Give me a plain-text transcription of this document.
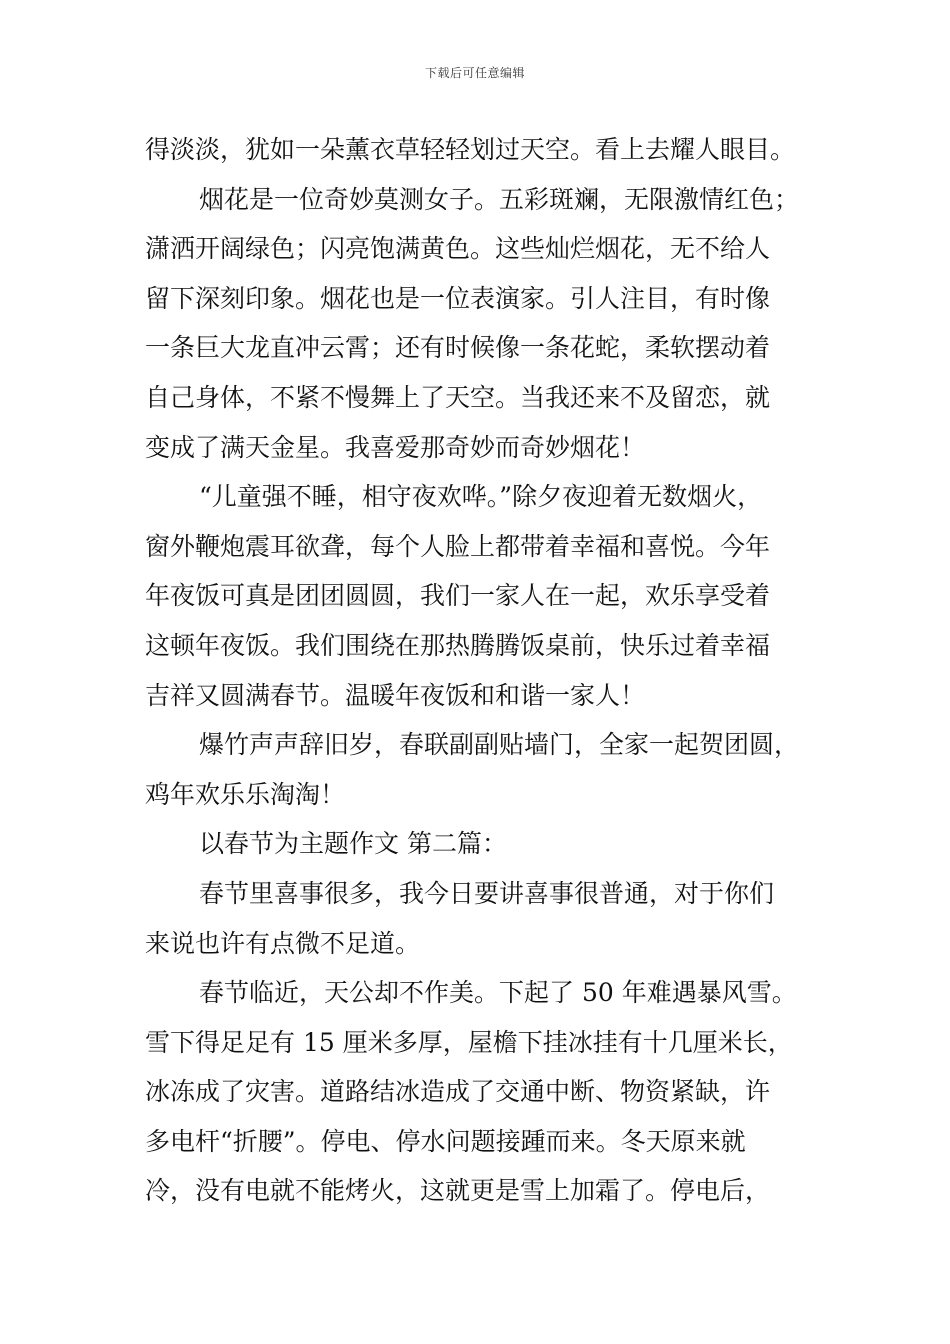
下载后可任意编辑
得淡淡，犹如一朵薰衣草轻轻划过天空。看上去耀人眼目。
烟花是一位奇妙莫测女子。五彩斑斓，无限激情红色；
潇洒开阔绿色；闪亮饱满黄色。这些灿烂烟花，无不给人
留下深刻印象。烟花也是一位表演家。引人注目，有时像
一条巨大龙直冲云霄；还有时候像一条花蛇，柔软摆动着
自己身体，不紧不慢舞上了天空。当我还来不及留恋，就
变成了满天金星。我喜爱那奇妙而奇妙烟花！
“儿童强不睡，相守夜欢哗。”除夕夜迎着无数烟火，
窗外鞭炮震耳欲聋，每个人脸上都带着幸福和喜悦。今年
年夜饭可真是团团圆圆，我们一家人在一起，欢乐享受着
这顿年夜饭。我们围绕在那热腾腾饭桌前，快乐过着幸福
吉祥又圆满春节。温暖年夜饭和和谐一家人！
爆竹声声辞旧岁，春联副副贴墙门，全家一起贺团圆，
鸡年欢乐乐淘淘！
以春节为主题作文 第二篇：
春节里喜事很多，我今日要讲喜事很普通，对于你们
来说也许有点微不足道。
春节临近，天公却不作美。下起了 50 年难遇暴风雪。
雪下得足足有 15 厘米多厚，屋檐下挂冰挂有十几厘米长，
冰冻成了灾害。道路结冰造成了交通中断、物资紧缺，许
多电杆“折腰”。停电、停水问题接踵而来。冬天原来就
冷，没有电就不能烤火，这就更是雪上加霜了。停电后，
